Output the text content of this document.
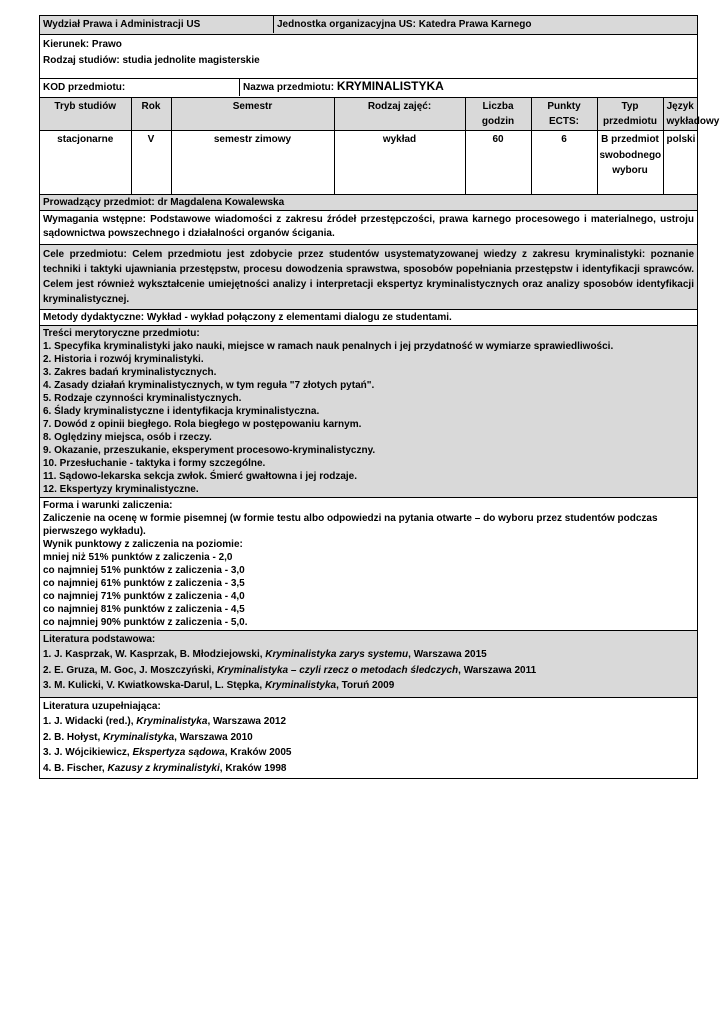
Wydział Prawa i Administracji US	Jednostka organizacyjna US: Katedra Prawa Karnego

Kierunek: Prawo
Rodzaj studiów: studia jednolite magisterskie

KOD przedmiotu:	Nazwa przedmiotu: KRYMINALISTYKA

Tryb studiów	Rok	Semestr	Rodzaj zajęć:	Liczba godzin	Punkty ECTS:	Typ przedmiotu	Język wykładowy
stacjonarne	V	semestr zimowy	wykład	60	6	B przedmiot swobodnego wyboru	polski

Prowadzący przedmiot: dr Magdalena Kowalewska
Wymagania wstępne: Podstawowe wiadomości z zakresu źródeł przestępczości, prawa karnego procesowego i materialnego, ustroju sądownictwa powszechnego i działalności organów ścigania.
Cele przedmiotu: Celem przedmiotu jest zdobycie przez studentów usystematyzowanej wiedzy z zakresu kryminalistyki: poznanie techniki i taktyki ujawniania przestępstw, procesu dowodzenia sprawstwa, sposobów popełniania przestępstw i identyfikacji sprawców. Celem jest również wykształcenie umiejętności analizy i interpretacji ekspertyz kryminalistycznych oraz analizy sposobów identyfikacji kryminalistycznej.
Metody dydaktyczne: Wykład - wykład połączony z elementami dialogu ze studentami.

Treści merytoryczne przedmiotu:
1. Specyfika kryminalistyki jako nauki, miejsce w ramach nauk penalnych i jej przydatność w wymiarze sprawiedliwości.
2. Historia i rozwój kryminalistyki.
3. Zakres badań kryminalistycznych.
4. Zasady działań kryminalistycznych, w tym reguła "7 złotych pytań".
5. Rodzaje czynności kryminalistycznych.
6. Ślady kryminalistyczne i identyfikacja kryminalistyczna.
7. Dowód z opinii biegłego. Rola biegłego w postępowaniu karnym.
8. Oględziny miejsca, osób i rzeczy.
9. Okazanie, przeszukanie, eksperyment procesowo-kryminalistyczny.
10. Przesłuchanie - taktyka i formy szczególne.
11. Sądowo-lekarska sekcja zwłok. Śmierć gwałtowna i jej rodzaje.
12. Ekspertyzy kryminalistyczne.

Forma i warunki zaliczenia:
Zaliczenie na ocenę w formie pisemnej (w formie testu albo odpowiedzi na pytania otwarte – do wyboru przez studentów podczas pierwszego wykładu).
Wynik punktowy z zaliczenia na poziomie:
mniej niż 51% punktów z zaliczenia - 2,0
co najmniej 51% punktów z zaliczenia - 3,0
co najmniej 61% punktów z zaliczenia - 3,5
co najmniej 71% punktów z zaliczenia - 4,0
co najmniej 81% punktów z zaliczenia - 4,5
co najmniej 90% punktów z zaliczenia - 5,0.

Literatura podstawowa:
1. J. Kasprzak, W. Kasprzak, B. Młodziejowski, Kryminalistyka zarys systemu, Warszawa 2015
2. E. Gruza, M. Goc, J. Moszczyński, Kryminalistyka – czyli rzecz o metodach śledczych, Warszawa 2011
3. M. Kulicki, V. Kwiatkowska-Darul, L. Stępka, Kryminalistyka, Toruń 2009

Literatura uzupełniająca:
1. J. Widacki (red.), Kryminalistyka, Warszawa 2012
2. B. Hołyst, Kryminalistyka, Warszawa 2010
3. J. Wójcikiewicz, Ekspertyza sądowa, Kraków 2005
4. B. Fischer, Kazusy z kryminalistyki, Kraków 1998
